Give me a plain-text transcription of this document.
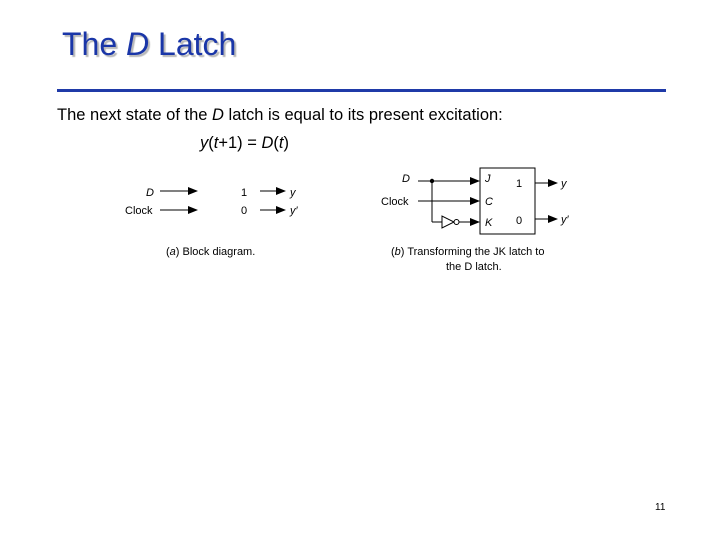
The D Latch
The next state of the D latch is equal to its present excitation:
y(t+1) = D(t)
D
Clock
1
0
y
y′
(a) Block diagram.
D
Clock
J
C
K
1
0
y
y′
(b) Transforming the JK latch to
the D latch.
11
